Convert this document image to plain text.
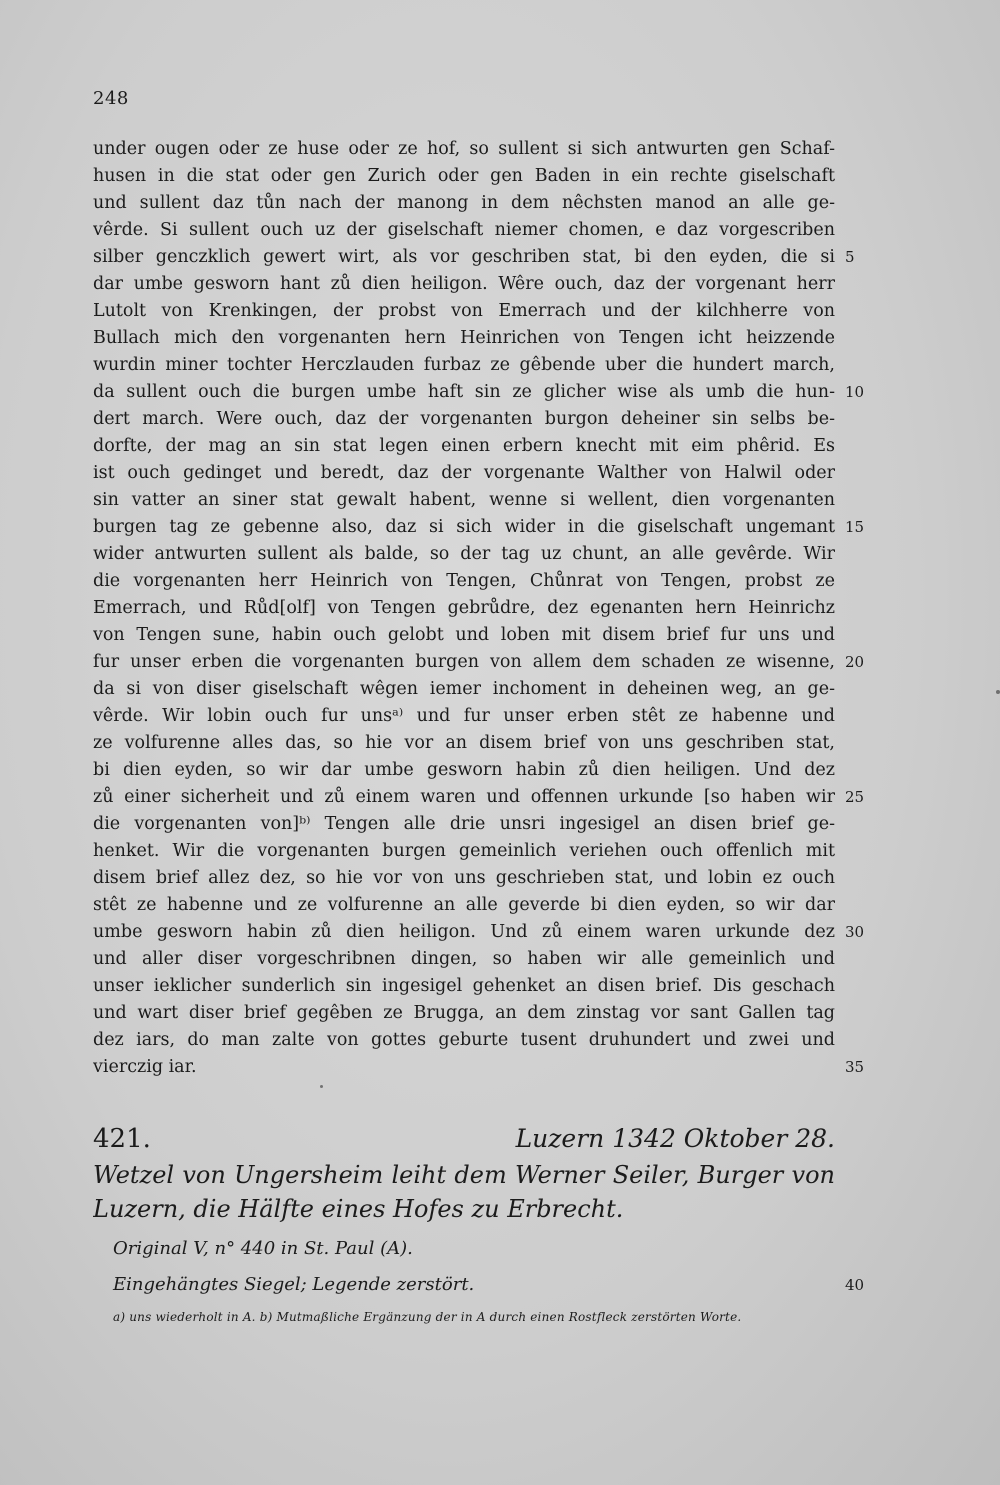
248
under ougen oder ze huse oder ze hof, so sullent si sich antwurten gen Schaf-
husen in die stat oder gen Zurich oder gen Baden in ein rechte giselschaft
und sullent daz tůn nach der manong in dem nêchsten manod an alle ge-
vêrde. Si sullent ouch uz der giselschaft niemer chomen, e daz vorgescriben
silber genczklich gewert wirt, als vor geschriben stat, bi den eyden, die si
dar umbe gesworn hant zů dien heiligon. Wêre ouch, daz der vorgenant herr
Lutolt von Krenkingen, der probst von Emerrach und der kilchherre von
Bullach mich den vorgenanten hern Heinrichen von Tengen icht heizzende
wurdin miner tochter Herczlauden furbaz ze gêbende uber die hundert march,
da sullent ouch die burgen umbe haft sin ze glicher wise als umb die hun-
dert march. Were ouch, daz der vorgenanten burgon deheiner sin selbs be-
dorfte, der mag an sin stat legen einen erbern knecht mit eim phêrid. Es
ist ouch gedinget und beredt, daz der vorgenante Walther von Halwil oder
sin vatter an siner stat gewalt habent, wenne si wellent, dien vorgenanten
burgen tag ze gebenne also, daz si sich wider in die giselschaft ungemant
wider antwurten sullent als balde, so der tag uz chunt, an alle gevêrde. Wir
die vorgenanten herr Heinrich von Tengen, Chůnrat von Tengen, probst ze
Emerrach, und Růd[olf] von Tengen gebrůdre, dez egenanten hern Heinrichz
von Tengen sune, habin ouch gelobt und loben mit disem brief fur uns und
fur unser erben die vorgenanten burgen von allem dem schaden ze wisenne,
da si von diser giselschaft wêgen iemer inchoment in deheinen weg, an ge-
vêrde. Wir lobin ouch fur unsᵃ⁾ und fur unser erben stêt ze habenne und
ze volfurenne alles das, so hie vor an disem brief von uns geschriben stat,
bi dien eyden, so wir dar umbe gesworn habin zů dien heiligen. Und dez
zů einer sicherheit und zů einem waren und offennen urkunde [so haben wir
die vorgenanten von]ᵇ⁾ Tengen alle drie unsri ingesigel an disen brief ge-
henket. Wir die vorgenanten burgen gemeinlich veriehen ouch offenlich mit
disem brief allez dez, so hie vor von uns geschrieben stat, und lobin ez ouch
stêt ze habenne und ze volfurenne an alle geverde bi dien eyden, so wir dar
umbe gesworn habin zů dien heiligon. Und zů einem waren urkunde dez
und aller diser vorgeschribnen dingen, so haben wir alle gemeinlich und
unser ieklicher sunderlich sin ingesigel gehenket an disen brief. Dis geschach
und wart diser brief gegêben ze Brugga, an dem zinstag vor sant Gallen tag
dez iars, do man zalte von gottes geburte tusent druhundert und zwei und
vierczig iar.
5
10
15
20
25
30
35
40
421.	Luzern 1342 Oktober 28.
Wetzel von Ungersheim leiht dem Werner Seiler, Burger von
Luzern, die Hälfte eines Hofes zu Erbrecht.
Original V, n° 440 in St. Paul (A).
Eingehängtes Siegel; Legende zerstört.
a) uns wiederholt in A. b) Mutmaßliche Ergänzung der in A durch einen Rostfleck zerstörten Worte.
